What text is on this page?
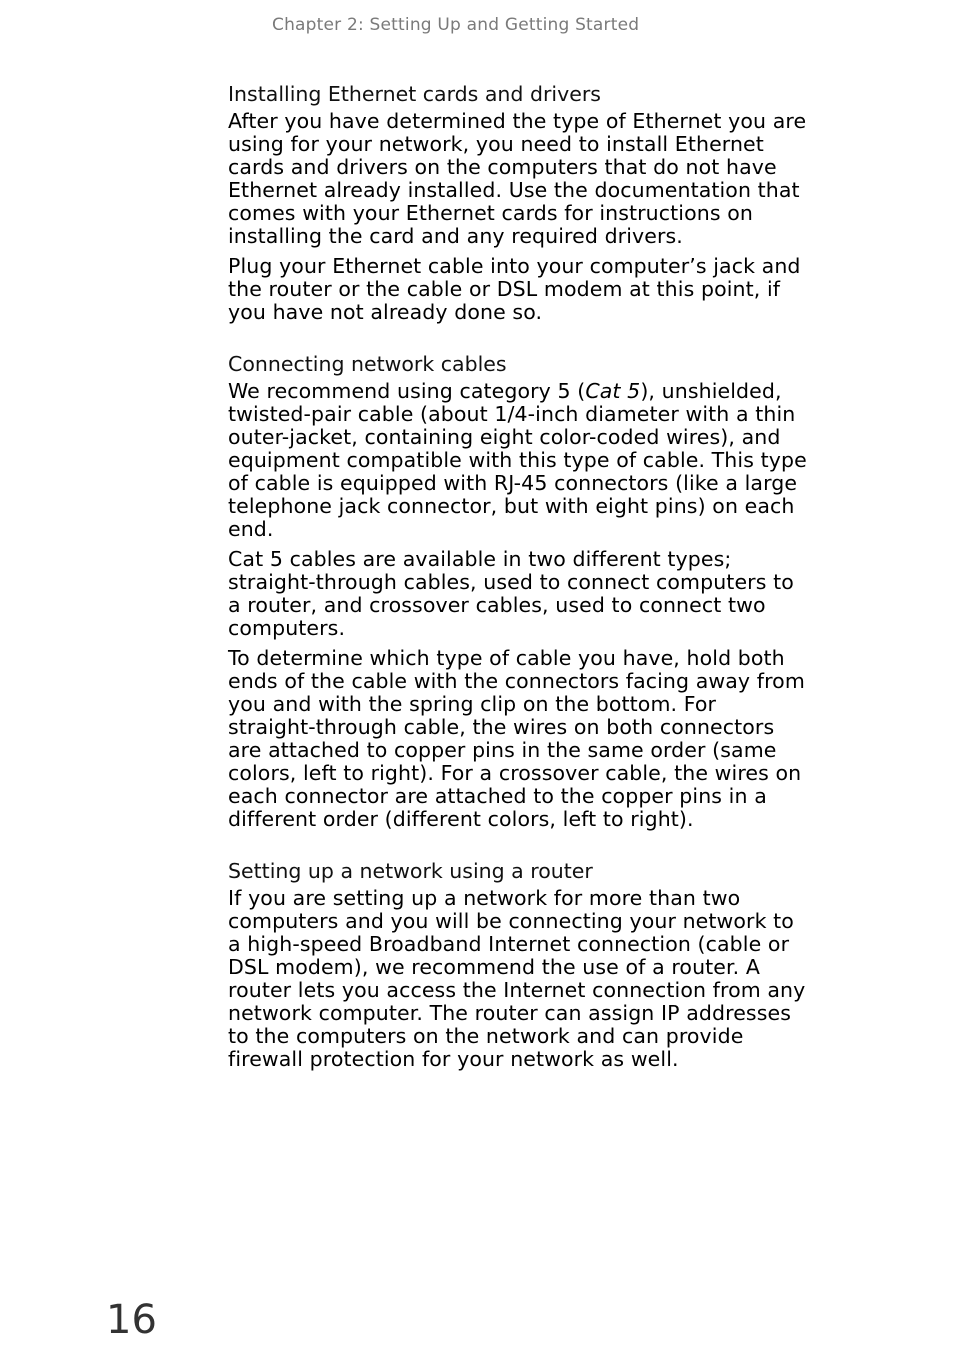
Chapter 2: Setting Up and Getting Started
Installing Ethernet cards and drivers

After you have determined the type of Ethernet you are using for your network, you need to install Ethernet cards and drivers on the computers that do not have Ethernet already installed. Use the documentation that comes with your Ethernet cards for instructions on installing the card and any required drivers.

Plug your Ethernet cable into your computer’s jack and the router or the cable or DSL modem at this point, if you have not already done so.

Connecting network cables

We recommend using category 5 (Cat 5), unshielded, twisted-pair cable (about 1/4-inch diameter with a thin outer-jacket, containing eight color-coded wires), and equipment compatible with this type of cable. This type of cable is equipped with RJ-45 connectors (like a large telephone jack connector, but with eight pins) on each end.

Cat 5 cables are available in two different types; straight-through cables, used to connect computers to a router, and crossover cables, used to connect two computers.

To determine which type of cable you have, hold both ends of the cable with the connectors facing away from you and with the spring clip on the bottom. For straight-through cable, the wires on both connectors are attached to copper pins in the same order (same colors, left to right). For a crossover cable, the wires on each connector are attached to the copper pins in a different order (different colors, left to right).

Setting up a network using a router

If you are setting up a network for more than two computers and you will be connecting your network to a high-speed Broadband Internet connection (cable or DSL modem), we recommend the use of a router. A router lets you access the Internet connection from any network computer. The router can assign IP addresses to the computers on the network and can provide firewall protection for your network as well.

16
